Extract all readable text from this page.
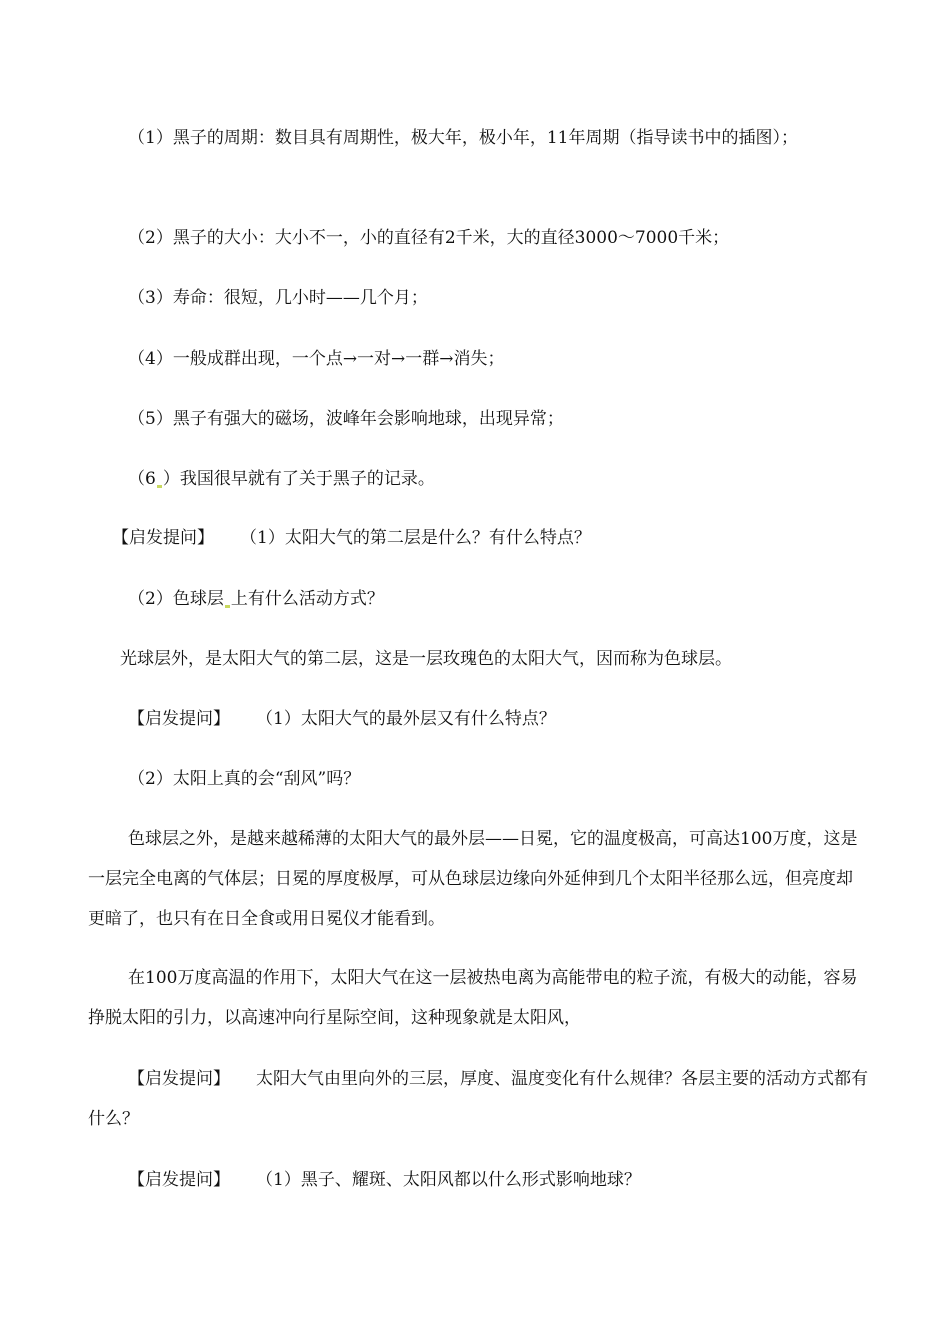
（1）黑子的周期：数目具有周期性，极大年，极小年，11年周期（指导读书中的插图）；

（2）黑子的大小：大小不一，小的直径有2千米，大的直径3000～7000千米；

（3）寿命：很短，几小时——几个月；

（4）一般成群出现，一个点→一对→一群→消失；

（5）黑子有强大的磁场，波峰年会影响地球，出现异常；

（6 ）我国很早就有了关于黑子的记录。

【启发提问】 （1）太阳大气的第二层是什么？有什么特点？

（2）色球层 上有什么活动方式？

光球层外，是太阳大气的第二层，这是一层玫瑰色的太阳大气，因而称为色球层。

【启发提问】 （1）太阳大气的最外层又有什么特点？

（2）太阳上真的会“刮风”吗？

色球层之外，是越来越稀薄的太阳大气的最外层——日冕，它的温度极高，可高达100万度，这是一层完全电离的气体层；日冕的厚度极厚，可从色球层边缘向外延伸到几个太阳半径那么远，但亮度却更暗了，也只有在日全食或用日冕仪才能看到。

在100万度高温的作用下，太阳大气在这一层被热电离为高能带电的粒子流，有极大的动能，容易挣脱太阳的引力，以高速冲向行星际空间，这种现象就是太阳风，

【启发提问】 太阳大气由里向外的三层，厚度、温度变化有什么规律？各层主要的活动方式都有什么？

【启发提问】 （1）黑子、耀斑、太阳风都以什么形式影响地球？
